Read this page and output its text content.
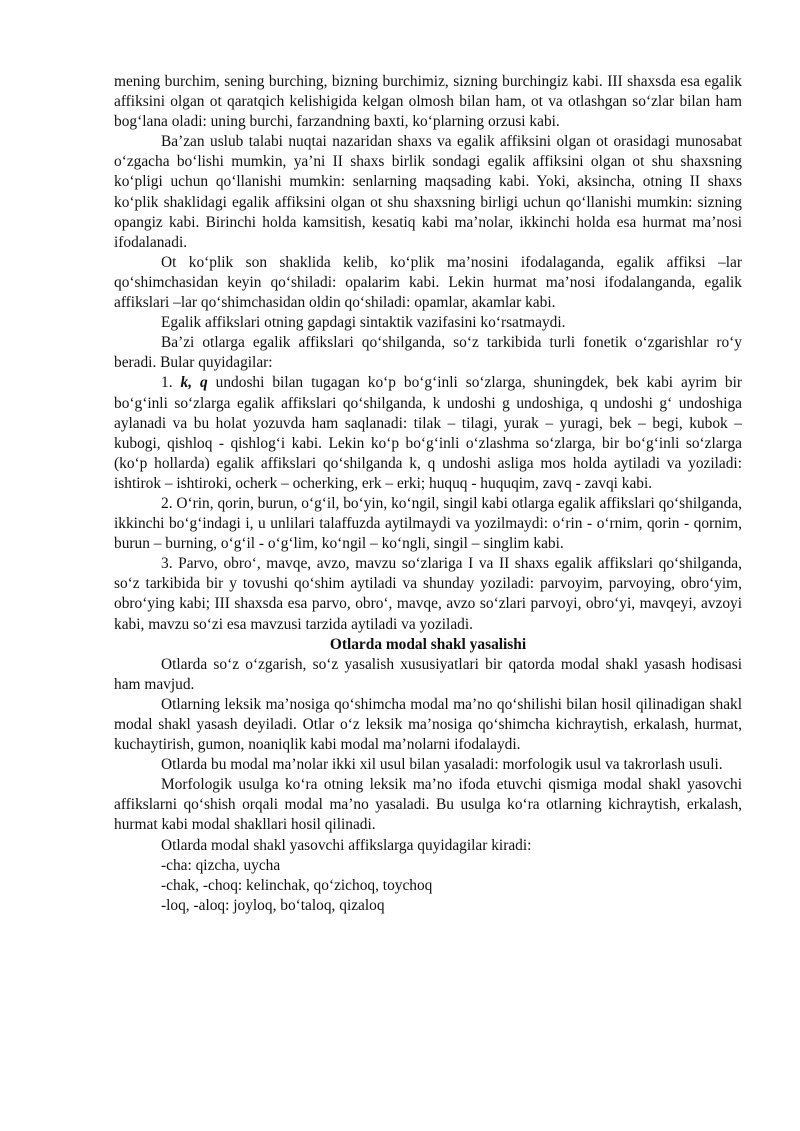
mening burchim, sening burching, bizning burchimiz, sizning burchingiz kabi. III shaxsda esa egalik affiksini olgan ot qaratqich kelishigida kelgan olmosh bilan ham, ot va otlashgan so‘zlar bilan ham bog‘lana oladi: uning burchi, farzandning baxti, ko‘plarning orzusi kabi.

Ba’zan uslub talabi nuqtai nazaridan shaxs va egalik affiksini olgan ot orasidagi munosabat o‘zgacha bo‘lishi mumkin, ya’ni II shaxs birlik sondagi egalik affiksini olgan ot shu shaxsning ko‘pligi uchun qo‘llanishi mumkin: senlarning maqsading kabi. Yoki, aksincha, otning II shaxs ko‘plik shaklidagi egalik affiksini olgan ot shu shaxsning birligi uchun qo‘llanishi mumkin: sizning opangiz kabi. Birinchi holda kamsitish, kesatiq kabi ma’nolar, ikkinchi holda esa hurmat ma’nosi ifodalanadi.

Ot ko‘plik son shaklida kelib, ko‘plik ma’nosini ifodalaganda, egalik affiksi –lar qo‘shimchasidan keyin qo‘shiladi: opalarim kabi. Lekin hurmat ma’nosi ifodalanganda, egalik affikslari –lar qo‘shimchasidan oldin qo‘shiladi: opamlar, akamlar kabi.

Egalik affikslari otning gapdagi sintaktik vazifasini ko‘rsatmaydi.

Ba’zi otlarga egalik affikslari qo‘shilganda, so‘z tarkibida turli fonetik o‘zgarishlar ro‘y beradi. Bular quyidagilar:

1. k, q undoshi bilan tugagan ko‘p bo‘g‘inli so‘zlarga, shuningdek, bek kabi ayrim bir bo‘g‘inli so‘zlarga egalik affikslari qo‘shilganda, k undoshi g undoshiga, q undoshi g‘ undoshiga aylanadi va bu holat yozuvda ham saqlanadi: tilak – tilagi, yurak – yuragi, bek – begi, kubok – kubogi, qishloq - qishlog‘i kabi. Lekin ko‘p bo‘g‘inli o‘zlashma so‘zlarga, bir bo‘g‘inli so‘zlarga (ko‘p hollarda) egalik affikslari qo‘shilganda k, q undoshi asliga mos holda aytiladi va yoziladi: ishtirok – ishtiroki, ocherk – ocherking, erk – erki; huquq - huquqim, zavq - zavqi kabi.

2. O‘rin, qorin, burun, o‘g‘il, bo‘yin, ko‘ngil, singil kabi otlarga egalik affikslari qo‘shilganda, ikkinchi bo‘g‘indagi i, u unlilari talaffuzda aytilmaydi va yozilmaydi: o‘rin - o‘rnim, qorin - qornim, burun – burning, o‘g‘il - o‘g‘lim, ko‘ngil – ko‘ngli, singil – singlim kabi.

3. Parvo, obro‘, mavqe, avzo, mavzu so‘zlariga I va II shaxs egalik affikslari qo‘shilganda, so‘z tarkibida bir y tovushi qo‘shim aytiladi va shunday yoziladi: parvoyim, parvoying, obro‘yim, obro‘ying kabi; III shaxsda esa parvo, obro‘, mavqe, avzo so‘zlari parvoyi, obro‘yi, mavqeyi, avzoyi kabi, mavzu so‘zi esa mavzusi tarzida aytiladi va yoziladi.

Otlarda modal shakl yasalishi

Otlarda so‘z o‘zgarish, so‘z yasalish xususiyatlari bir qatorda modal shakl yasash hodisasi ham mavjud.

Otlarning leksik ma’nosiga qo‘shimcha modal ma’no qo‘shilishi bilan hosil qilinadigan shakl modal shakl yasash deyiladi. Otlar o‘z leksik ma’nosiga qo‘shimcha kichraytish, erkalash, hurmat, kuchaytirish, gumon, noaniqlik kabi modal ma’nolarni ifodalaydi.

Otlarda bu modal ma’nolar ikki xil usul bilan yasaladi: morfologik usul va takrorlash usuli.

Morfologik usulga ko‘ra otning leksik ma’no ifoda etuvchi qismiga modal shakl yasovchi affikslarni qo‘shish orqali modal ma’no yasaladi. Bu usulga ko‘ra otlarning kichraytish, erkalash, hurmat kabi modal shakllari hosil qilinadi.

Otlarda modal shakl yasovchi affikslarga quyidagilar kiradi:

-cha: qizcha, uycha

-chak, -choq: kelinchak, qo‘zichoq, toychoq

-loq, -aloq: joyloq, bo‘taloq, qizaloq
